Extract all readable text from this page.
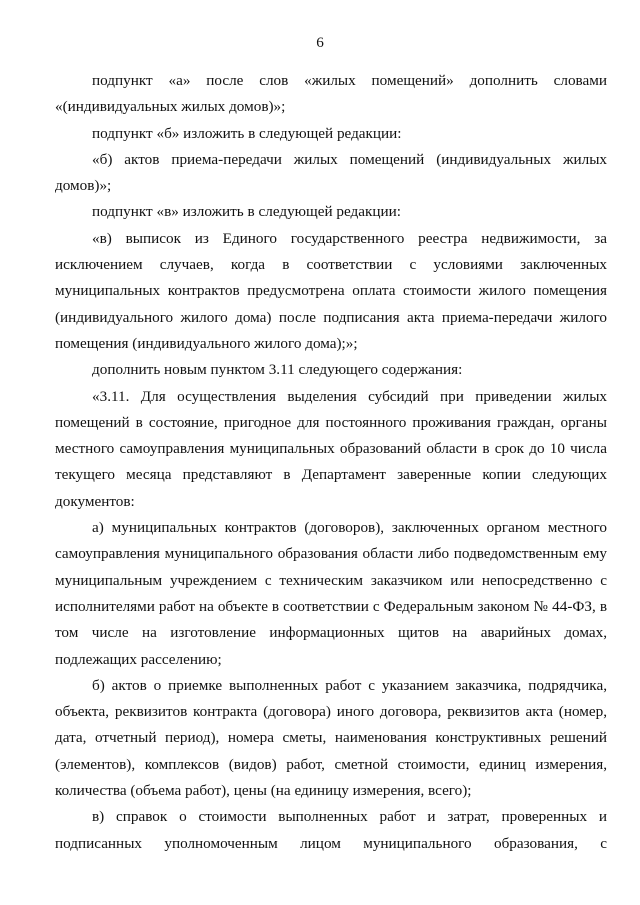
6

подпункт «а» после слов «жилых помещений» дополнить словами «(индивидуальных жилых домов)»;

подпункт «б» изложить в следующей редакции:

«б) актов приема-передачи жилых помещений (индивидуальных жилых домов)»;

подпункт «в» изложить в следующей редакции:

«в) выписок из Единого государственного реестра недвижимости, за исключением случаев, когда в соответствии с условиями заключенных муниципальных контрактов предусмотрена оплата стоимости жилого помещения (индивидуального жилого дома) после подписания акта приема-передачи жилого помещения (индивидуального жилого дома);»;

дополнить новым пунктом 3.11 следующего содержания:

«3.11. Для осуществления выделения субсидий при приведении жилых помещений в состояние, пригодное для постоянного проживания граждан, органы местного самоуправления муниципальных образований области в срок до 10 числа текущего месяца представляют в Департамент заверенные копии следующих документов:

а) муниципальных контрактов (договоров), заключенных органом местного самоуправления муниципального образования области либо подведомственным ему муниципальным учреждением с техническим заказчиком или непосредственно с исполнителями работ на объекте в соответствии с Федеральным законом № 44-ФЗ, в том числе на изготовление информационных щитов на аварийных домах, подлежащих расселению;

б) актов о приемке выполненных работ с указанием заказчика, подрядчика, объекта, реквизитов контракта (договора) иного договора, реквизитов акта (номер, дата, отчетный период), номера сметы, наименования конструктивных решений (элементов), комплексов (видов) работ, сметной стоимости, единиц измерения, количества (объема работ), цены (на единицу измерения, всего);

в) справок о стоимости выполненных работ и затрат, проверенных и подписанных уполномоченным лицом муниципального образования, с
